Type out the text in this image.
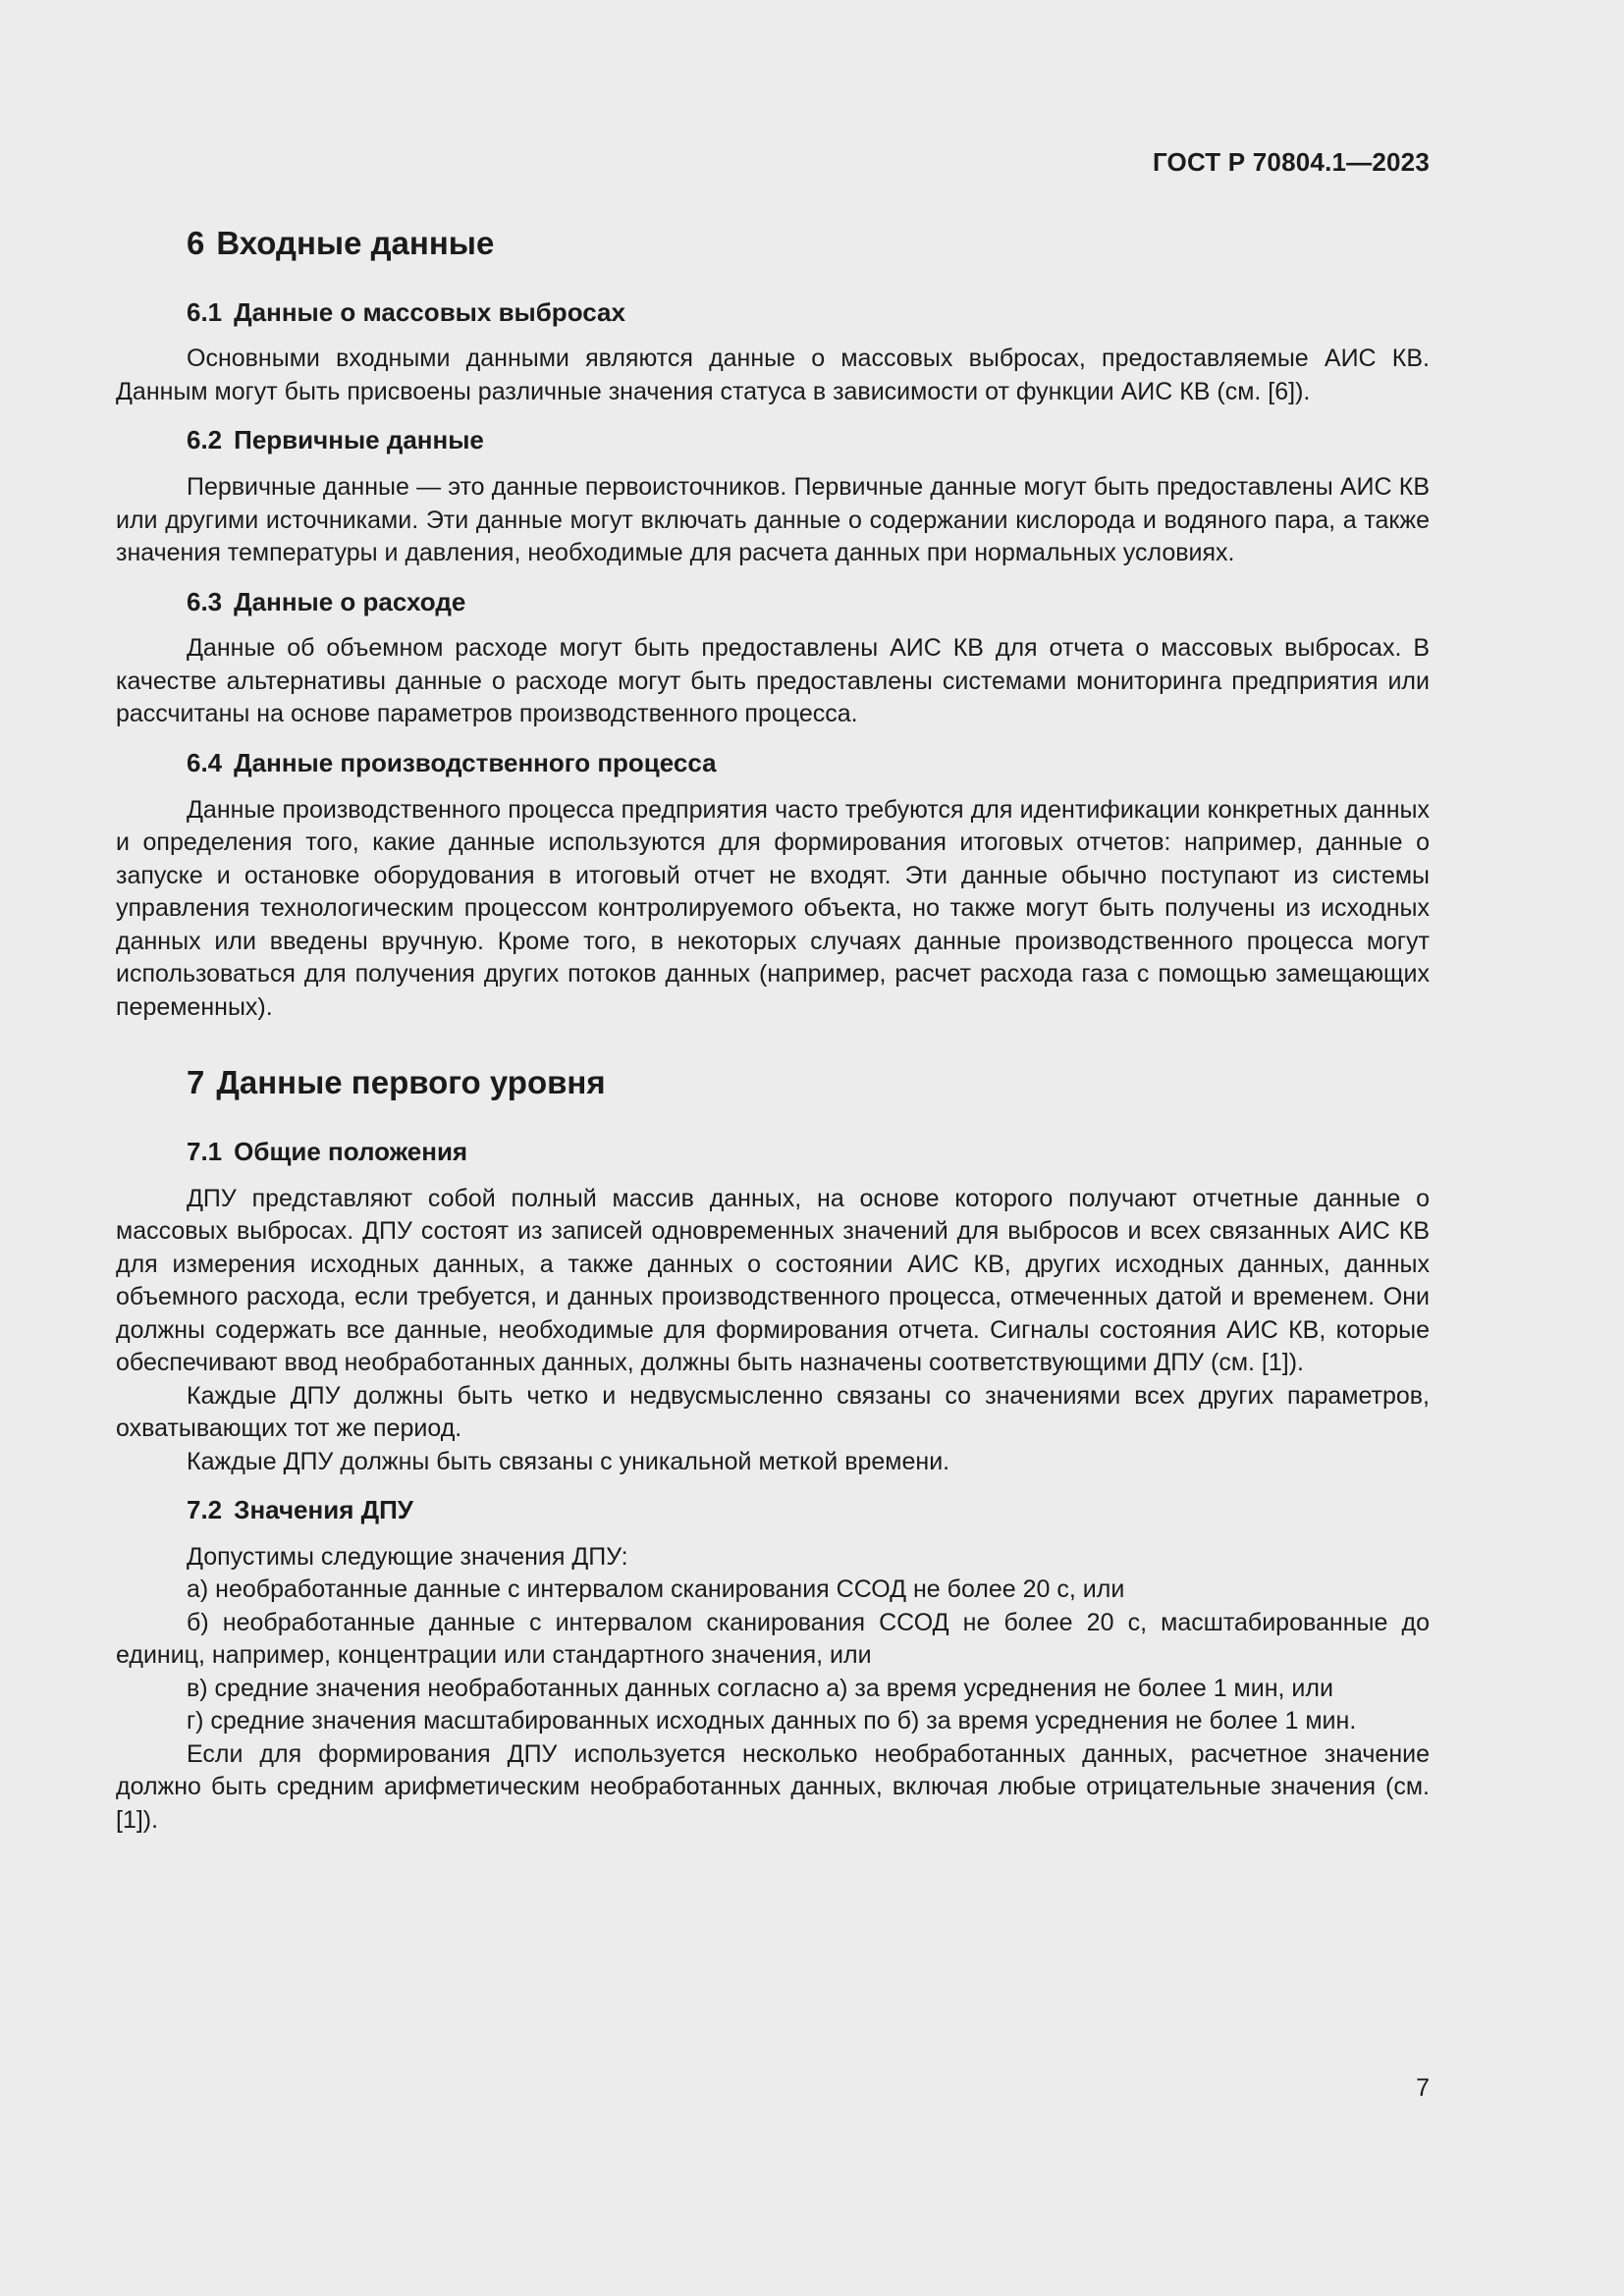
ГОСТ Р 70804.1—2023
6 Входные данные
6.1 Данные о массовых выбросах

Основными входными данными являются данные о массовых выбросах, предоставляемые АИС КВ. Данным могут быть присвоены различные значения статуса в зависимости от функции АИС КВ (см. [6]).

6.2 Первичные данные

Первичные данные — это данные первоисточников. Первичные данные могут быть предоставлены АИС КВ или другими источниками. Эти данные могут включать данные о содержании кислорода и водяного пара, а также значения температуры и давления, необходимые для расчета данных при нормальных условиях.

6.3 Данные о расходе

Данные об объемном расходе могут быть предоставлены АИС КВ для отчета о массовых выбросах. В качестве альтернативы данные о расходе могут быть предоставлены системами мониторинга предприятия или рассчитаны на основе параметров производственного процесса.

6.4 Данные производственного процесса

Данные производственного процесса предприятия часто требуются для идентификации конкретных данных и определения того, какие данные используются для формирования итоговых отчетов: например, данные о запуске и остановке оборудования в итоговый отчет не входят. Эти данные обычно поступают из системы управления технологическим процессом контролируемого объекта, но также могут быть получены из исходных данных или введены вручную. Кроме того, в некоторых случаях данные производственного процесса могут использоваться для получения других потоков данных (например, расчет расхода газа с помощью замещающих переменных).

7 Данные первого уровня
7.1 Общие положения

ДПУ представляют собой полный массив данных, на основе которого получают отчетные данные о массовых выбросах. ДПУ состоят из записей одновременных значений для выбросов и всех связанных АИС КВ для измерения исходных данных, а также данных о состоянии АИС КВ, других исходных данных, данных объемного расхода, если требуется, и данных производственного процесса, отмеченных датой и временем. Они должны содержать все данные, необходимые для формирования отчета. Сигналы состояния АИС КВ, которые обеспечивают ввод необработанных данных, должны быть назначены соответствующими ДПУ (см. [1]).

Каждые ДПУ должны быть четко и недвусмысленно связаны со значениями всех других параметров, охватывающих тот же период.

Каждые ДПУ должны быть связаны с уникальной меткой времени.

7.2 Значения ДПУ

Допустимы следующие значения ДПУ:

а) необработанные данные с интервалом сканирования ССОД не более 20 с, или

б) необработанные данные с интервалом сканирования ССОД не более 20 с, масштабированные до единиц, например, концентрации или стандартного значения, или

в) средние значения необработанных данных согласно а) за время усреднения не более 1 мин, или

г) средние значения масштабированных исходных данных по б) за время усреднения не более 1 мин.

Если для формирования ДПУ используется несколько необработанных данных, расчетное значение должно быть средним арифметическим необработанных данных, включая любые отрицательные значения (см. [1]).

7
